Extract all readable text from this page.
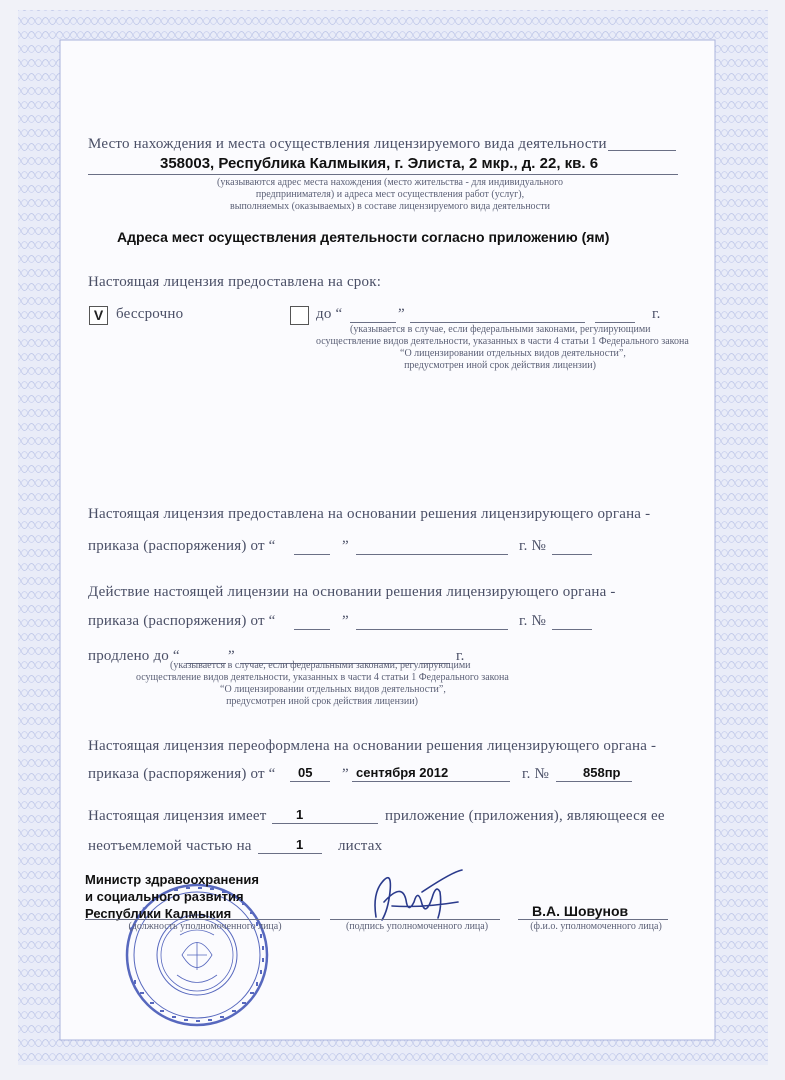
Место нахождения и места осуществления лицензируемого вида деятельности
358003, Республика Калмыкия, г. Элиста, 2 мкр., д. 22, кв. 6
(указываются адрес места нахождения (место жительства - для индивидуального
предпринимателя) и адреса мест осуществления работ (услуг),
выполняемых (оказываемых) в составе лицензируемого вида деятельности
Адреса мест осуществления деятельности согласно приложению (ям)
Настоящая лицензия предоставлена на срок:
V бессрочно	до “	”	г.
(указывается в случае, если федеральными законами, регулирующими
осуществление видов деятельности, указанных в части 4 статьи 1 Федерального закона
“О лицензировании отдельных видов деятельности”,
предусмотрен иной срок действия лицензии)
Настоящая лицензия предоставлена на основании решения лицензирующего органа -
приказа (распоряжения) от “	”	г. №
Действие настоящей лицензии на основании решения лицензирующего органа -
приказа (распоряжения) от “	”	г. №
продлено до “	”	г.
(указывается в случае, если федеральными законами, регулирующими
осуществление видов деятельности, указанных в части 4 статьи 1 Федерального закона
“О лицензировании отдельных видов деятельности”,
предусмотрен иной срок действия лицензии)
Настоящая лицензия переоформлена на основании решения лицензирующего органа -
приказа (распоряжения) от “ 05 ” сентября 2012	г. №	858пр
Настоящая лицензия имеет 1	приложение (приложения), являющееся ее
неотъемлемой частью на	1 листах
Министр здравоохранения
и социального развития
Республики Калмыкия
(должность уполномоченного лица)	(подпись уполномоченного лица)
В.А. Шовунов
(ф.и.о. уполномоченного лица)
